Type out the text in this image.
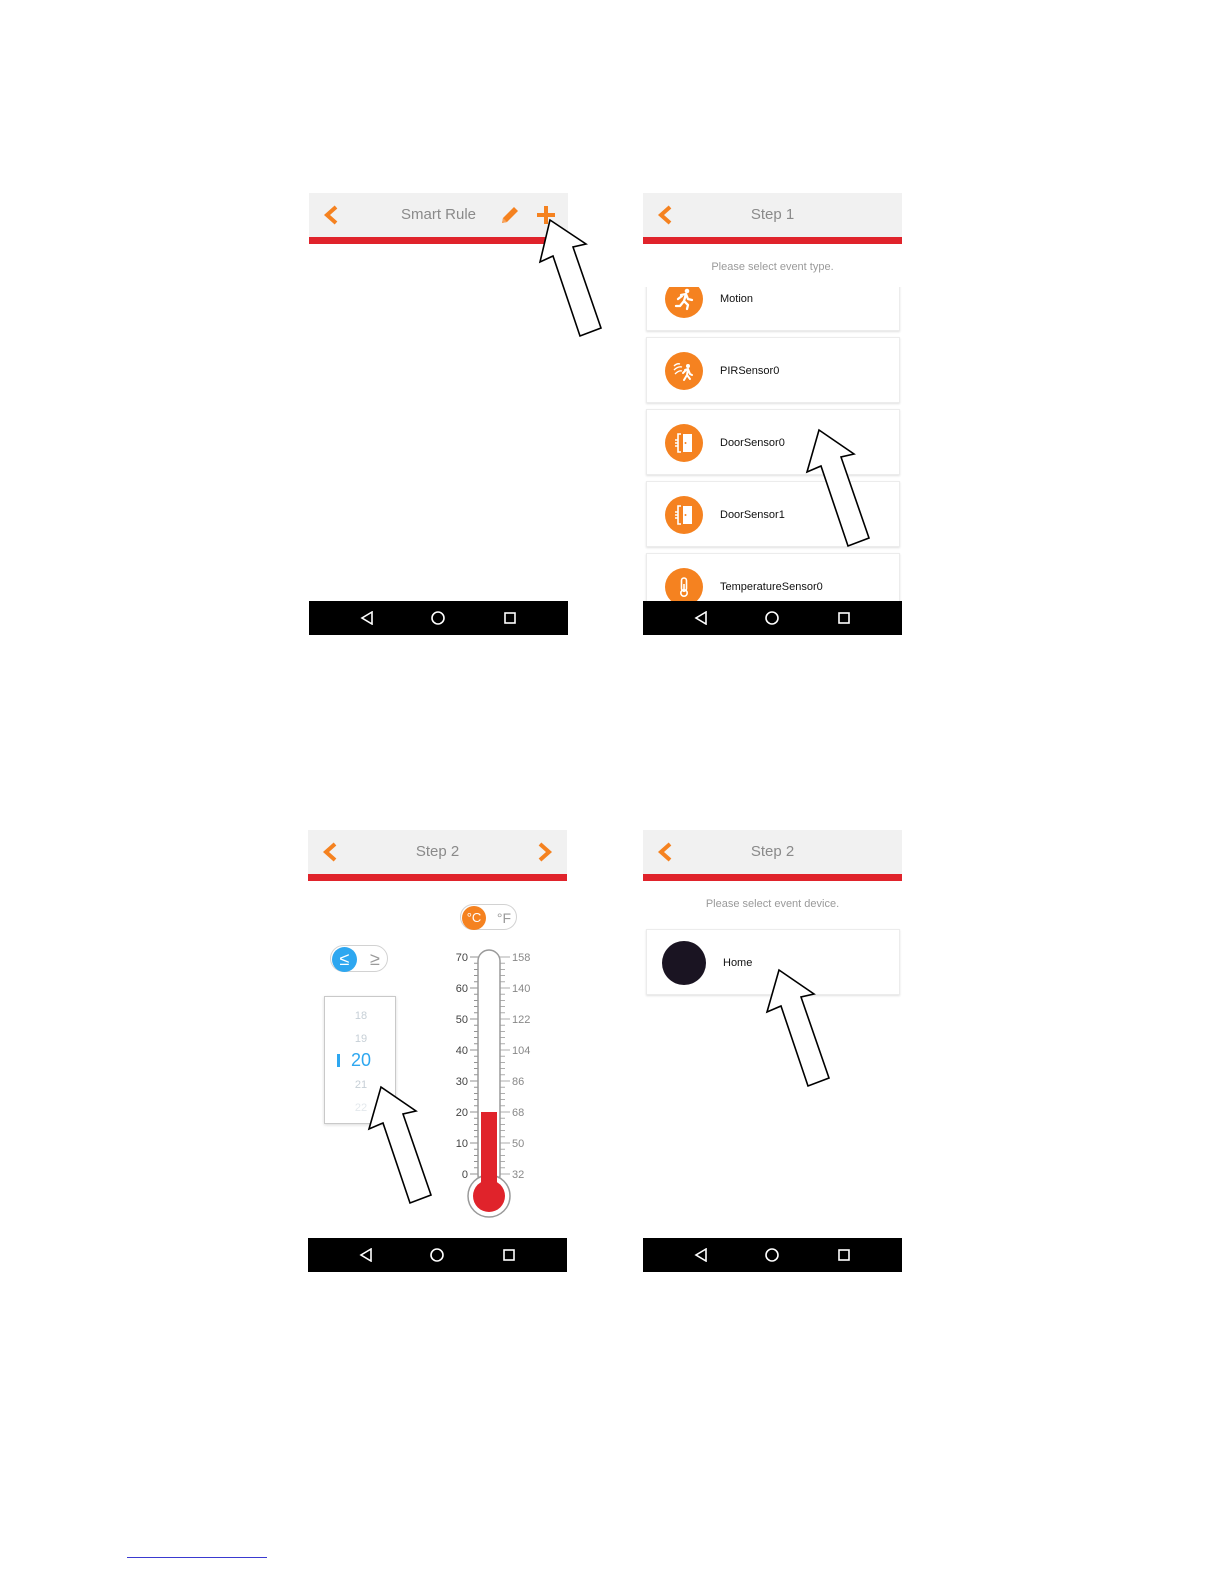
Smart Rule	Step 1
Please select event type.
Motion
PIRSensor0
DoorSensor0
DoorSensor1
TemperatureSensor0
Step 2
°C	°F
≤	≥
18
19
20
21
22
70
60
50
40
30
20
10
0
158
140
122
104
86
68
50
32
Step 2
Please select event device.
Home
